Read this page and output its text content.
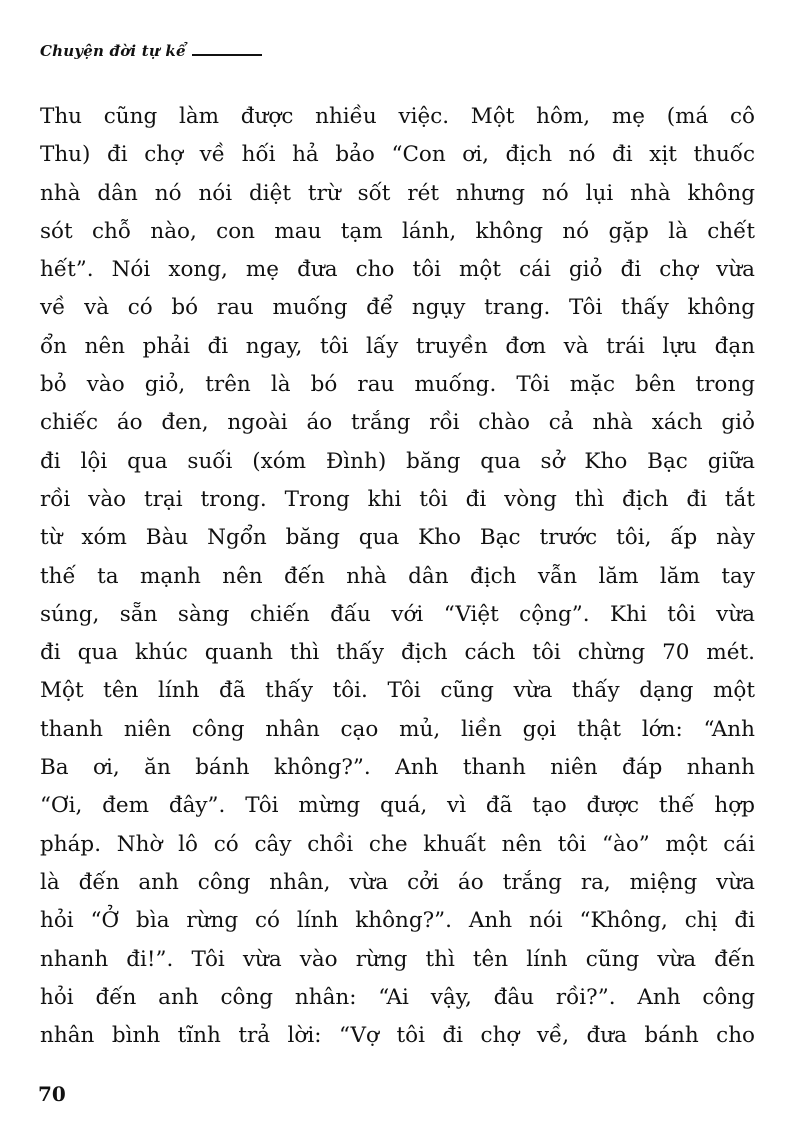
Chuyện đời tự kể
Thu cũng làm được nhiều việc. Một hôm, mẹ (má cô
Thu) đi chợ về hối hả bảo “Con ơi, địch nó đi xịt thuốc
nhà dân nó nói diệt trừ sốt rét nhưng nó lụi nhà không
sót chỗ nào, con mau tạm lánh, không nó gặp là chết
hết”. Nói xong, mẹ đưa cho tôi một cái giỏ đi chợ vừa
về và có bó rau muống để ngụy trang. Tôi thấy không
ổn nên phải đi ngay, tôi lấy truyền đơn và trái lựu đạn
bỏ vào giỏ, trên là bó rau muống. Tôi mặc bên trong
chiếc áo đen, ngoài áo trắng rồi chào cả nhà xách giỏ
đi lội qua suối (xóm Đình) băng qua sở Kho Bạc giữa
rồi vào trại trong. Trong khi tôi đi vòng thì địch đi tắt
từ xóm Bàu Ngổn băng qua Kho Bạc trước tôi, ấp này
thế ta mạnh nên đến nhà dân địch vẫn lăm lăm tay
súng, sẵn sàng chiến đấu với “Việt cộng”. Khi tôi vừa
đi qua khúc quanh thì thấy địch cách tôi chừng 70 mét.
Một tên lính đã thấy tôi. Tôi cũng vừa thấy dạng một
thanh niên công nhân cạo mủ, liền gọi thật lớn: “Anh
Ba ơi, ăn bánh không?”. Anh thanh niên đáp nhanh
“Ơi, đem đây”. Tôi mừng quá, vì đã tạo được thế hợp
pháp. Nhờ lô có cây chồi che khuất nên tôi “ào” một cái
là đến anh công nhân, vừa cởi áo trắng ra, miệng vừa
hỏi “Ở bìa rừng có lính không?”. Anh nói “Không, chị đi
nhanh đi!”. Tôi vừa vào rừng thì tên lính cũng vừa đến
hỏi đến anh công nhân: “Ai vậy, đâu rồi?”. Anh công
nhân bình tĩnh trả lời: “Vợ tôi đi chợ về, đưa bánh cho
70
